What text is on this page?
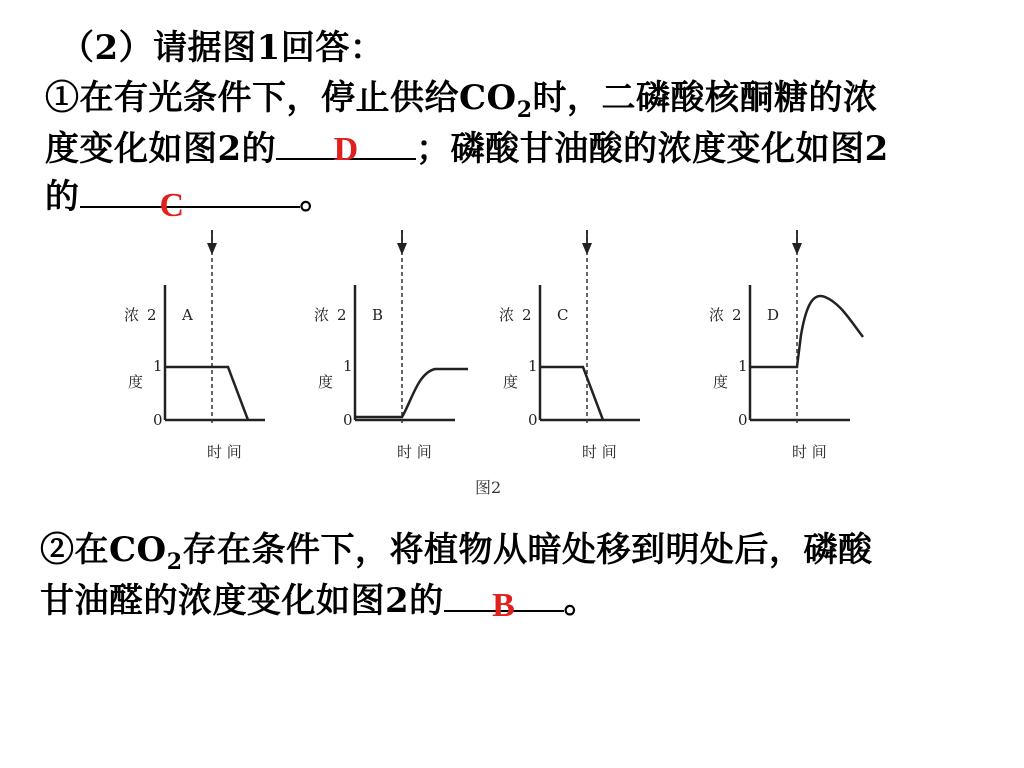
（2）请据图1回答：
①在有光条件下，停止供给$CO_2$时，二磷酸核酮糖的浓
度变化如图2的	D	；磷酸甘油酸的浓度变化如图2
的	C	。
浓 2 A
1
度
0
时 间
浓 2 B
1
度
0
时 间
浓 2 C
1
度
0
时 间
浓 2 D
1
度
0
时 间
图2
②在$CO_2$存在条件下，将植物从暗处移到明处后，磷酸
甘油醛的浓度变化如图2的	B	。
